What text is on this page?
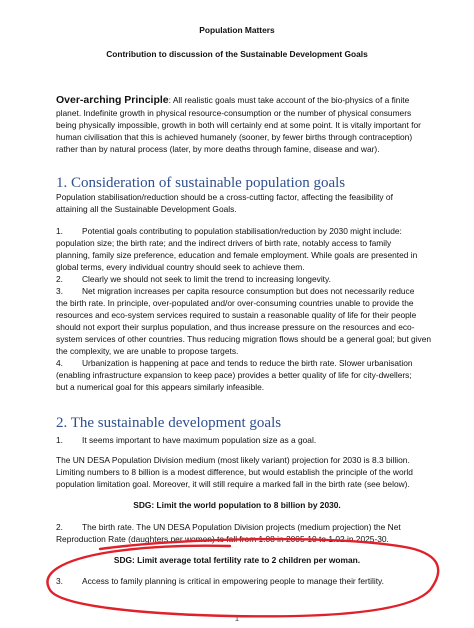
Population Matters
Contribution to discussion of the Sustainable Development Goals
Over-arching Principle: All realistic goals must take account of the bio-physics of a finite
planet. Indefinite growth in physical resource-consumption or the number of physical consumers
being physically impossible, growth in both will certainly end at some point. It is vitally important for
human civilisation that this is achieved humanely (sooner, by fewer births through contraception)
rather than by natural process (later, by more deaths through famine, disease and war).
1. Consideration of sustainable population goals
Population stabilisation/reduction should be a cross-cutting factor, affecting the feasibility of
attaining all the Sustainable Development Goals.
1. Potential goals contributing to population stabilisation/reduction by 2030 might include:
population size; the birth rate; and the indirect drivers of birth rate, notably access to family
planning, family size preference, education and female employment. While goals are presented in
global terms, every individual country should seek to achieve them.
2. Clearly we should not seek to limit the trend to increasing longevity.
3. Net migration increases per capita resource consumption but does not necessarily reduce
the birth rate. In principle, over-populated and/or over-consuming countries unable to provide the
resources and eco-system services required to sustain a reasonable quality of life for their people
should not export their surplus population, and thus increase pressure on the resources and eco-
system services of other countries. Thus reducing migration flows should be a general goal; but given
the complexity, we are unable to propose targets.
4. Urbanization is happening at pace and tends to reduce the birth rate. Slower urbanisation
(enabling infrastructure expansion to keep pace) provides a better quality of life for city-dwellers;
but a numerical goal for this appears similarly infeasible.
2. The sustainable development goals
1. It seems important to have maximum population size as a goal.
The UN DESA Population Division medium (most likely variant) projection for 2030 is 8.3 billion.
Limiting numbers to 8 billion is a modest difference, but would establish the principle of the world
population limitation goal. Moreover, it will still require a marked fall in the birth rate (see below).
SDG: Limit the world population to 8 billion by 2030.
2. The birth rate. The UN DESA Population Division projects (medium projection) the Net
Reproduction Rate (daughters per women) to fall from 1.08 in 2005-10 to 1.02 in 2025-30.
SDG: Limit average total fertility rate to 2 children per woman.
3. Access to family planning is critical in empowering people to manage their fertility.
1
